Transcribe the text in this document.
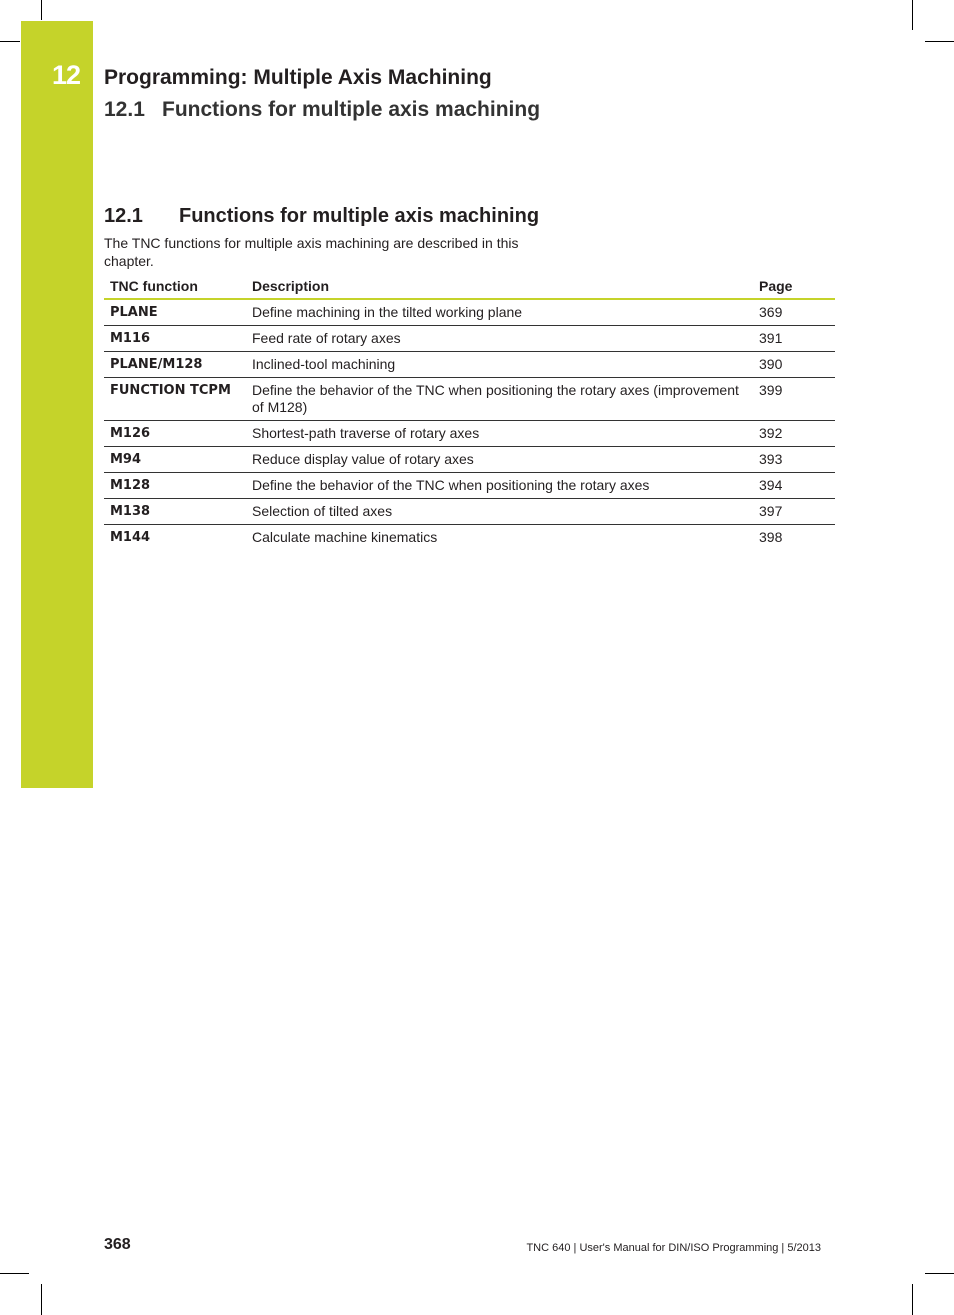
12 Programming: Multiple Axis Machining
12.1 Functions for multiple axis machining
12.1 Functions for multiple axis machining
The TNC functions for multiple axis machining are described in this chapter.
TNC function	Description	Page
PLANE	Define machining in the tilted working plane	369
M116	Feed rate of rotary axes	391
PLANE/M128	Inclined-tool machining	390
FUNCTION TCPM	Define the behavior of the TNC when positioning the rotary axes (improvement of M128)	399
M126	Shortest-path traverse of rotary axes	392
M94	Reduce display value of rotary axes	393
M128	Define the behavior of the TNC when positioning the rotary axes	394
M138	Selection of tilted axes	397
M144	Calculate machine kinematics	398
368	TNC 640 | User's Manual for DIN/ISO Programming | 5/2013
